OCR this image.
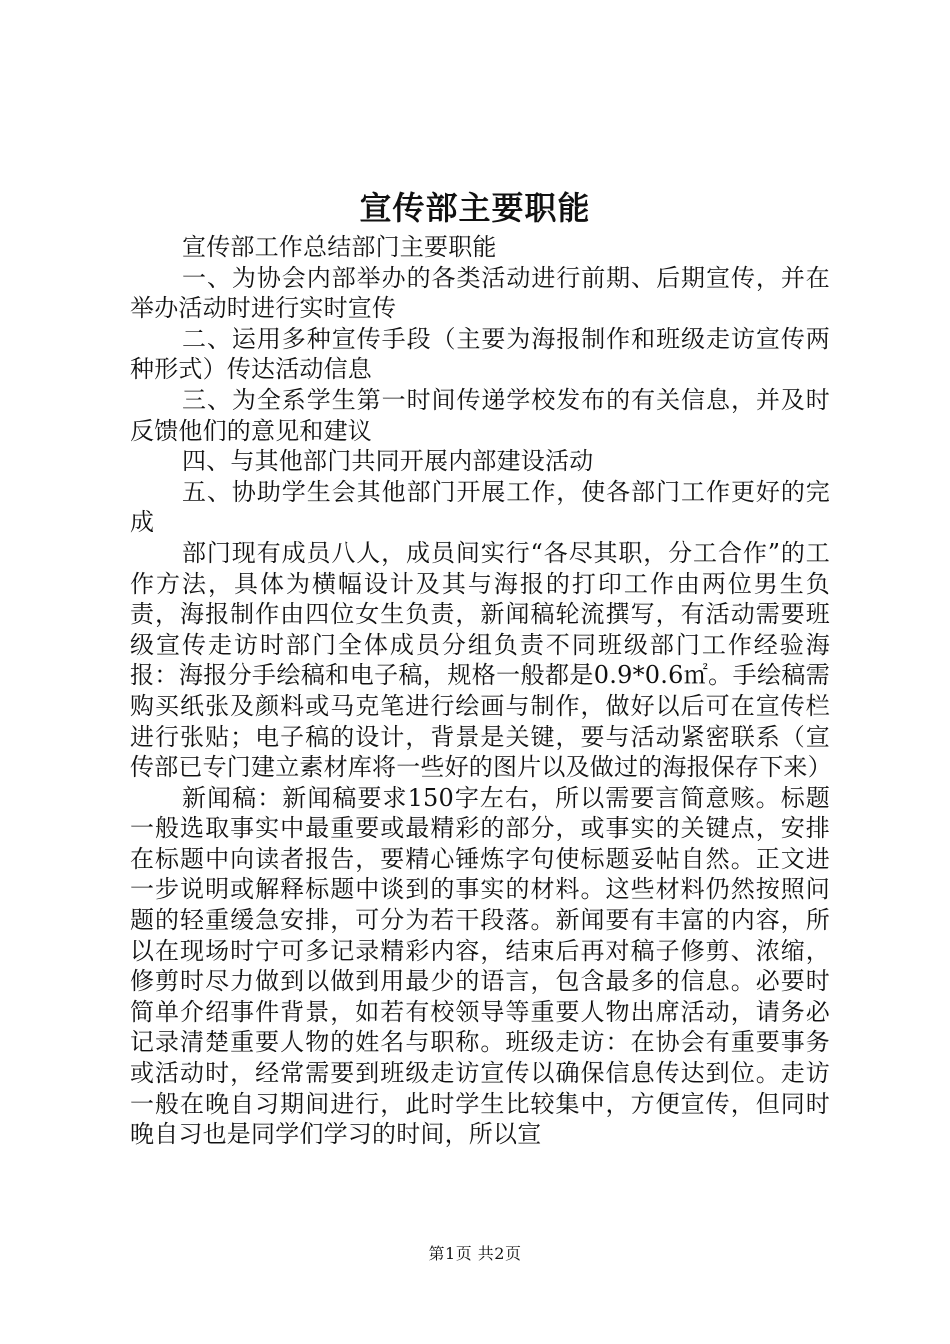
宣传部主要职能

宣传部工作总结部门主要职能

一、为协会内部举办的各类活动进行前期、后期宣传，并在举办活动时进行实时宣传

二、运用多种宣传手段（主要为海报制作和班级走访宣传两种形式）传达活动信息

三、为全系学生第一时间传递学校发布的有关信息，并及时反馈他们的意见和建议

四、与其他部门共同开展内部建设活动

五、协助学生会其他部门开展工作，使各部门工作更好的完成

部门现有成员八人，成员间实行“各尽其职，分工合作”的工作方法，具体为横幅设计及其与海报的打印工作由两位男生负责，海报制作由四位女生负责，新闻稿轮流撰写，有活动需要班级宣传走访时部门全体成员分组负责不同班级部门工作经验海报：海报分手绘稿和电子稿，规格一般都是0.9*0.6㎡。手绘稿需购买纸张及颜料或马克笔进行绘画与制作，做好以后可在宣传栏进行张贴；电子稿的设计，背景是关键，要与活动紧密联系（宣传部已专门建立素材库将一些好的图片以及做过的海报保存下来）

新闻稿：新闻稿要求150字左右，所以需要言简意赅。标题一般选取事实中最重要或最精彩的部分，或事实的关键点，安排在标题中向读者报告，要精心锤炼字句使标题妥帖自然。正文进一步说明或解释标题中谈到的事实的材料。这些材料仍然按照问题的轻重缓急安排，可分为若干段落。新闻要有丰富的内容，所以在现场时宁可多记录精彩内容，结束后再对稿子修剪、浓缩，修剪时尽力做到以做到用最少的语言，包含最多的信息。必要时简单介绍事件背景，如若有校领导等重要人物出席活动，请务必记录清楚重要人物的姓名与职称。班级走访：在协会有重要事务或活动时，经常需要到班级走访宣传以确保信息传达到位。走访一般在晚自习期间进行，此时学生比较集中，方便宣传，但同时晚自习也是同学们学习的时间，所以宣

第1页 共2页
